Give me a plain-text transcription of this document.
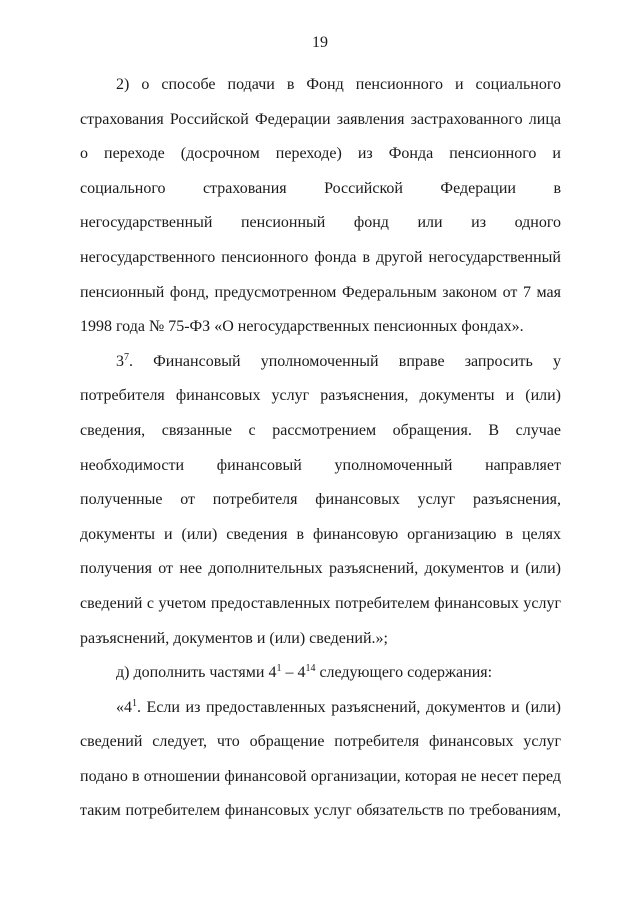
19

2) о способе подачи в Фонд пенсионного и социального страхования Российской Федерации заявления застрахованного лица о переходе (досрочном переходе) из Фонда пенсионного и социального страхования Российской Федерации в негосударственный пенсионный фонд или из одного негосударственного пенсионного фонда в другой негосударственный пенсионный фонд, предусмотренном Федеральным законом от 7 мая 1998 года № 75-ФЗ «О негосударственных пенсионных фондах».

$3^7$. Финансовый уполномоченный вправе запросить у потребителя финансовых услуг разъяснения, документы и (или) сведения, связанные с рассмотрением обращения. В случае необходимости финансовый уполномоченный направляет полученные от потребителя финансовых услуг разъяснения, документы и (или) сведения в финансовую организацию в целях получения от нее дополнительных разъяснений, документов и (или) сведений с учетом предоставленных потребителем финансовых услуг разъяснений, документов и (или) сведений.»;

д) дополнить частями $4^1 - 4^{14}$ следующего содержания:

«$4^1$. Если из предоставленных разъяснений, документов и (или) сведений следует, что обращение потребителя финансовых услуг подано в отношении финансовой организации, которая не несет перед таким потребителем финансовых услуг обязательств по требованиям,
